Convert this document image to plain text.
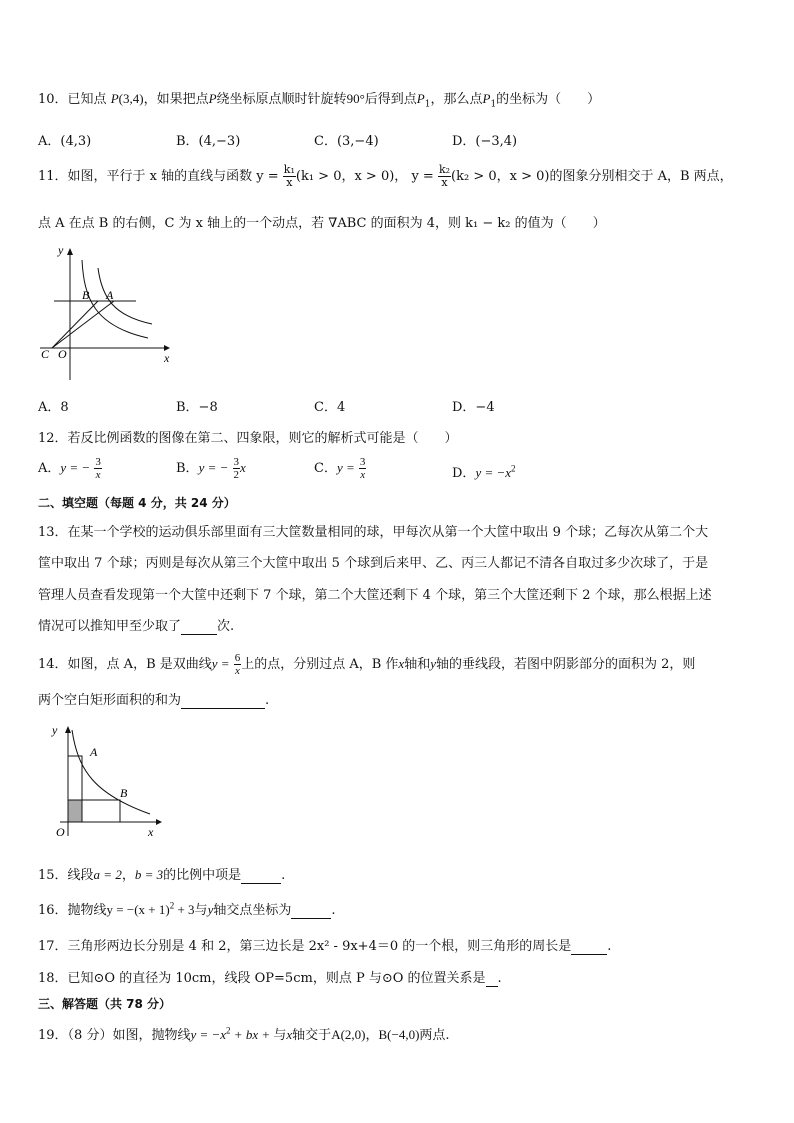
10．已知点 P(3,4)，如果把点P绕坐标原点顺时针旋转90°后得到点$P_1$，那么点$P_1$的坐标为（　　）
A．(4,3)	B．(4,−3)	C．(3,−4)	D．(−3,4)
11．如图，平行于 x 轴的直线与函数 $y = \frac{\text{k₁}}{x} (k_1 > 0$，x > 0)， $y = \frac{\text{k₂}}{x} (k_2 > 0$，x > 0)的图象分别相交于 A，B 两点，
点 A 在点 B 的右侧，C 为 x 轴上的一个动点，若 ∇ABC 的面积为 4，则 k₁ − k₂ 的值为（　　）
y
x
B A
C O
A．8	B．−8	C．4	D．−4
12．若反比例函数的图像在第二、四象限，则它的解析式可能是（　　）
A．y = − $\frac{3}{x}$	B．y = − $\frac{3}{2}$ x	C．$y = \frac{3}{x}$	D．$y = -x^2$
二、填空题（每题 4 分，共 24 分）
13．在某一个学校的运动俱乐部里面有三大筐数量相同的球，甲每次从第一个大筐中取出 9 个球；乙每次从第二个大
筐中取出 7 个球；丙则是每次从第三个大筐中取出 5 个球到后来甲、乙、丙三人都记不清各自取过多少次球了，于是
管理人员查看发现第一个大筐中还剩下 7 个球，第二个大筐还剩下 4 个球，第三个大筐还剩下 2 个球，那么根据上述
情况可以推知甲至少取了	次.
14．如图，点 A，B 是双曲线$y = \frac{6}{x}$ 上的点，分别过点 A，B 作x轴和y轴的垂线段，若图中阴影部分的面积为 2，则
两个空白矩形面积的和为	.
y
A
B
O	x
15．线段a = 2，b = 3的比例中项是	.
16．抛物线$y = -(x + 1)^2 + 3$与y轴交点坐标为	.
17．三角形两边长分别是 4 和 2，第三边长是 2x² - 9x+4＝0 的一个根，则三角形的周长是	.
18．已知⊙O 的直径为 10cm，线段 OP=5cm，则点 P 与⊙O 的位置关系是 .
三、解答题（共 78 分）
19．（8 分）如图，抛物线$y = -x^2$ + bx + 与x轴交于A(2,0)，B(−4,0)两点.
